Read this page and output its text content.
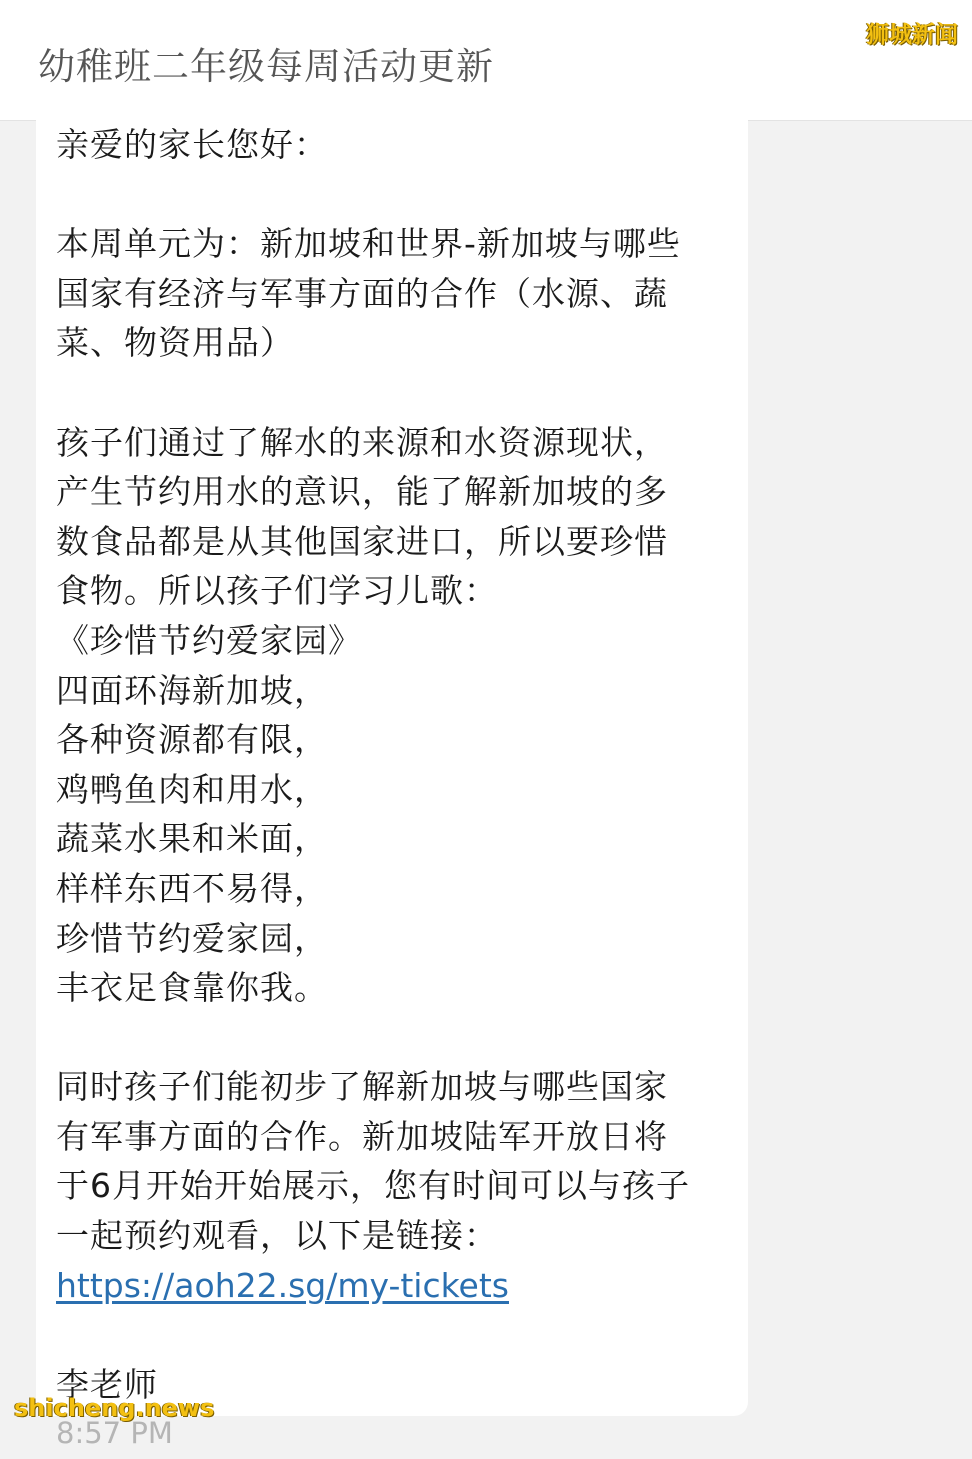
幼稚班二年级每周活动更新
狮城新闻
亲爱的家长您好：
本周单元为：新加坡和世界-新加坡与哪些
国家有经济与军事方面的合作（水源、蔬
菜、物资用品）
孩子们通过了解水的来源和水资源现状，
产生节约用水的意识，能了解新加坡的多
数食品都是从其他国家进口，所以要珍惜
食物。所以孩子们学习儿歌：
《珍惜节约爱家园》
四面环海新加坡，
各种资源都有限，
鸡鸭鱼肉和用水，
蔬菜水果和米面，
样样东西不易得，
珍惜节约爱家园，
丰衣足食靠你我。
同时孩子们能初步了解新加坡与哪些国家
有军事方面的合作。新加坡陆军开放日将
于6月开始开始展示，您有时间可以与孩子
一起预约观看，以下是链接：
https://aoh22.sg/my-tickets
李老师
8:57 PM
shicheng.news
